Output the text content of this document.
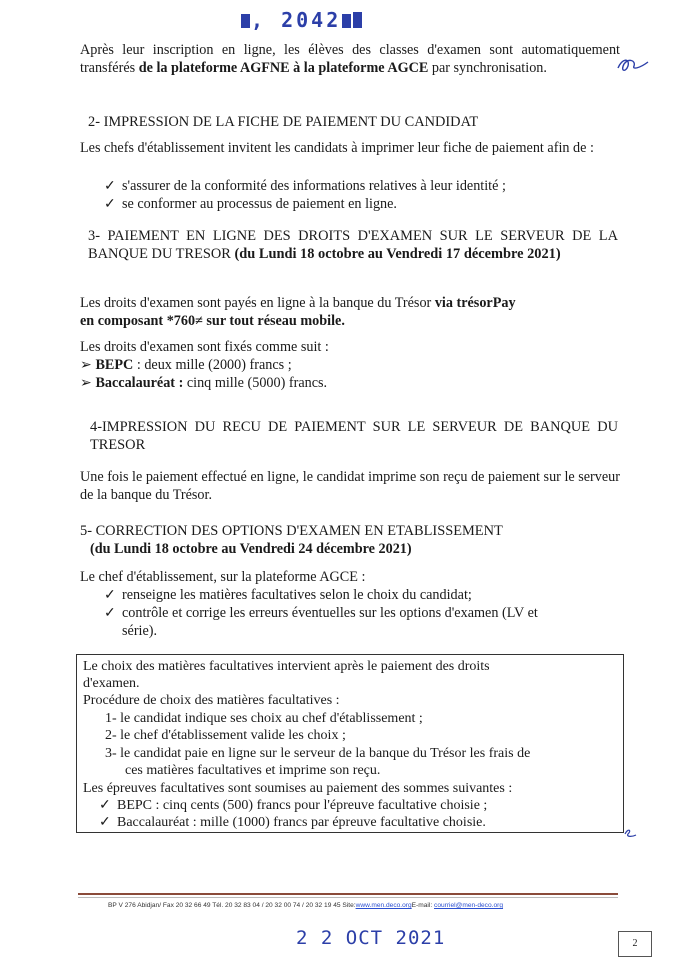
, 2042
Après leur inscription en ligne, les élèves des classes d'examen sont automatiquement transférés de la plateforme AGFNE à la plateforme AGCE par synchronisation.
2- IMPRESSION DE LA FICHE DE PAIEMENT DU CANDIDAT
Les chefs d'établissement invitent les candidats à imprimer leur fiche de paiement afin de :
✓ s'assurer de la conformité des informations relatives à leur identité ;
✓ se conformer au processus de paiement en ligne.
3- PAIEMENT EN LIGNE DES DROITS D'EXAMEN SUR LE SERVEUR DE LA BANQUE DU TRESOR (du Lundi 18 octobre au Vendredi 17 décembre 2021)
Les droits d'examen sont payés en ligne à la banque du Trésor via trésorPay
en composant *760≠ sur tout réseau mobile.
Les droits d'examen sont fixés comme suit :
➢ BEPC : deux mille (2000) francs ;
➢ Baccalauréat : cinq mille (5000) francs.
4-IMPRESSION DU RECU DE PAIEMENT SUR LE SERVEUR DE BANQUE DU TRESOR
Une fois le paiement effectué en ligne, le candidat imprime son reçu de paiement sur le serveur de la banque du Trésor.
5- CORRECTION DES OPTIONS D'EXAMEN EN ETABLISSEMENT
(du Lundi 18 octobre au Vendredi 24 décembre 2021)
Le chef d'établissement, sur la plateforme AGCE :
✓ renseigne les matières facultatives selon le choix du candidat;
✓ contrôle et corrige les erreurs éventuelles sur les options d'examen (LV et
série).
Le choix des matières facultatives intervient après le paiement des droits
d'examen.
Procédure de choix des matières facultatives :
1- le candidat indique ses choix au chef d'établissement ;
2- le chef d'établissement valide les choix ;
3- le candidat paie en ligne sur le serveur de la banque du Trésor les frais de
ces matières facultatives et imprime son reçu.
Les épreuves facultatives sont soumises au paiement des sommes suivantes :
✓ BEPC : cinq cents (500) francs pour l'épreuve facultative choisie ;
✓ Baccalauréat : mille (1000) francs par épreuve facultative choisie.
BP V 276 Abidjan/ Fax 20 32 66 49 Tél. 20 32 83 04 / 20 32 00 74 / 20 32 19 45 Site:www.men.deco.orgE-mail: courriel@men-deco.org
2 2 OCT 2021	2
